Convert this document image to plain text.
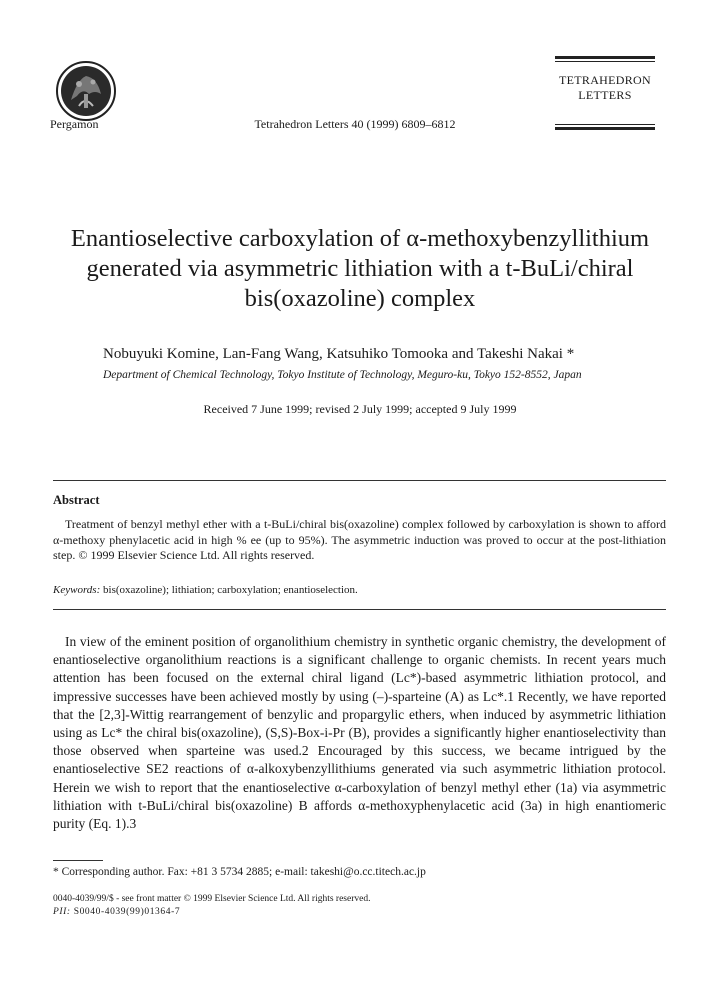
Pergamon	Tetrahedron Letters 40 (1999) 6809–6812
TETRAHEDRON
LETTERS
Enantioselective carboxylation of α-methoxybenzyllithium generated via asymmetric lithiation with a t-BuLi/chiral bis(oxazoline) complex
Nobuyuki Komine, Lan-Fang Wang, Katsuhiko Tomooka and Takeshi Nakai *
Department of Chemical Technology, Tokyo Institute of Technology, Meguro-ku, Tokyo 152-8552, Japan
Received 7 June 1999; revised 2 July 1999; accepted 9 July 1999
Abstract

Treatment of benzyl methyl ether with a t-BuLi/chiral bis(oxazoline) complex followed by carboxylation is shown to afford α-methoxy phenylacetic acid in high % ee (up to 95%). The asymmetric induction was proved to occur at the post-lithiation step. © 1999 Elsevier Science Ltd. All rights reserved.

Keywords: bis(oxazoline); lithiation; carboxylation; enantioselection.

In view of the eminent position of organolithium chemistry in synthetic organic chemistry, the development of enantioselective organolithium reactions is a significant challenge to organic chemists. In recent years much attention has been focused on the external chiral ligand (Lc*)-based asymmetric lithiation protocol, and impressive successes have been achieved mostly by using (–)-sparteine (A) as Lc*.1 Recently, we have reported that the [2,3]-Wittig rearrangement of benzylic and propargylic ethers, when induced by asymmetric lithiation using as Lc* the chiral bis(oxazoline), (S,S)-Box-i-Pr (B), provides a significantly higher enantioselectivity than those observed when sparteine was used.2 Encouraged by this success, we became intrigued by the enantioselective SE2 reactions of α-alkoxybenzyllithiums generated via such asymmetric lithiation protocol. Herein we wish to report that the enantioselective α-carboxylation of benzyl methyl ether (1a) via asymmetric lithiation with t-BuLi/chiral bis(oxazoline) B affords α-methoxyphenylacetic acid (3a) in high enantiomeric purity (Eq. 1).3

* Corresponding author. Fax: +81 3 5734 2885; e-mail: takeshi@o.cc.titech.ac.jp
0040-4039/99/$ - see front matter © 1999 Elsevier Science Ltd. All rights reserved.
PII: S0040-4039(99)01364-7
